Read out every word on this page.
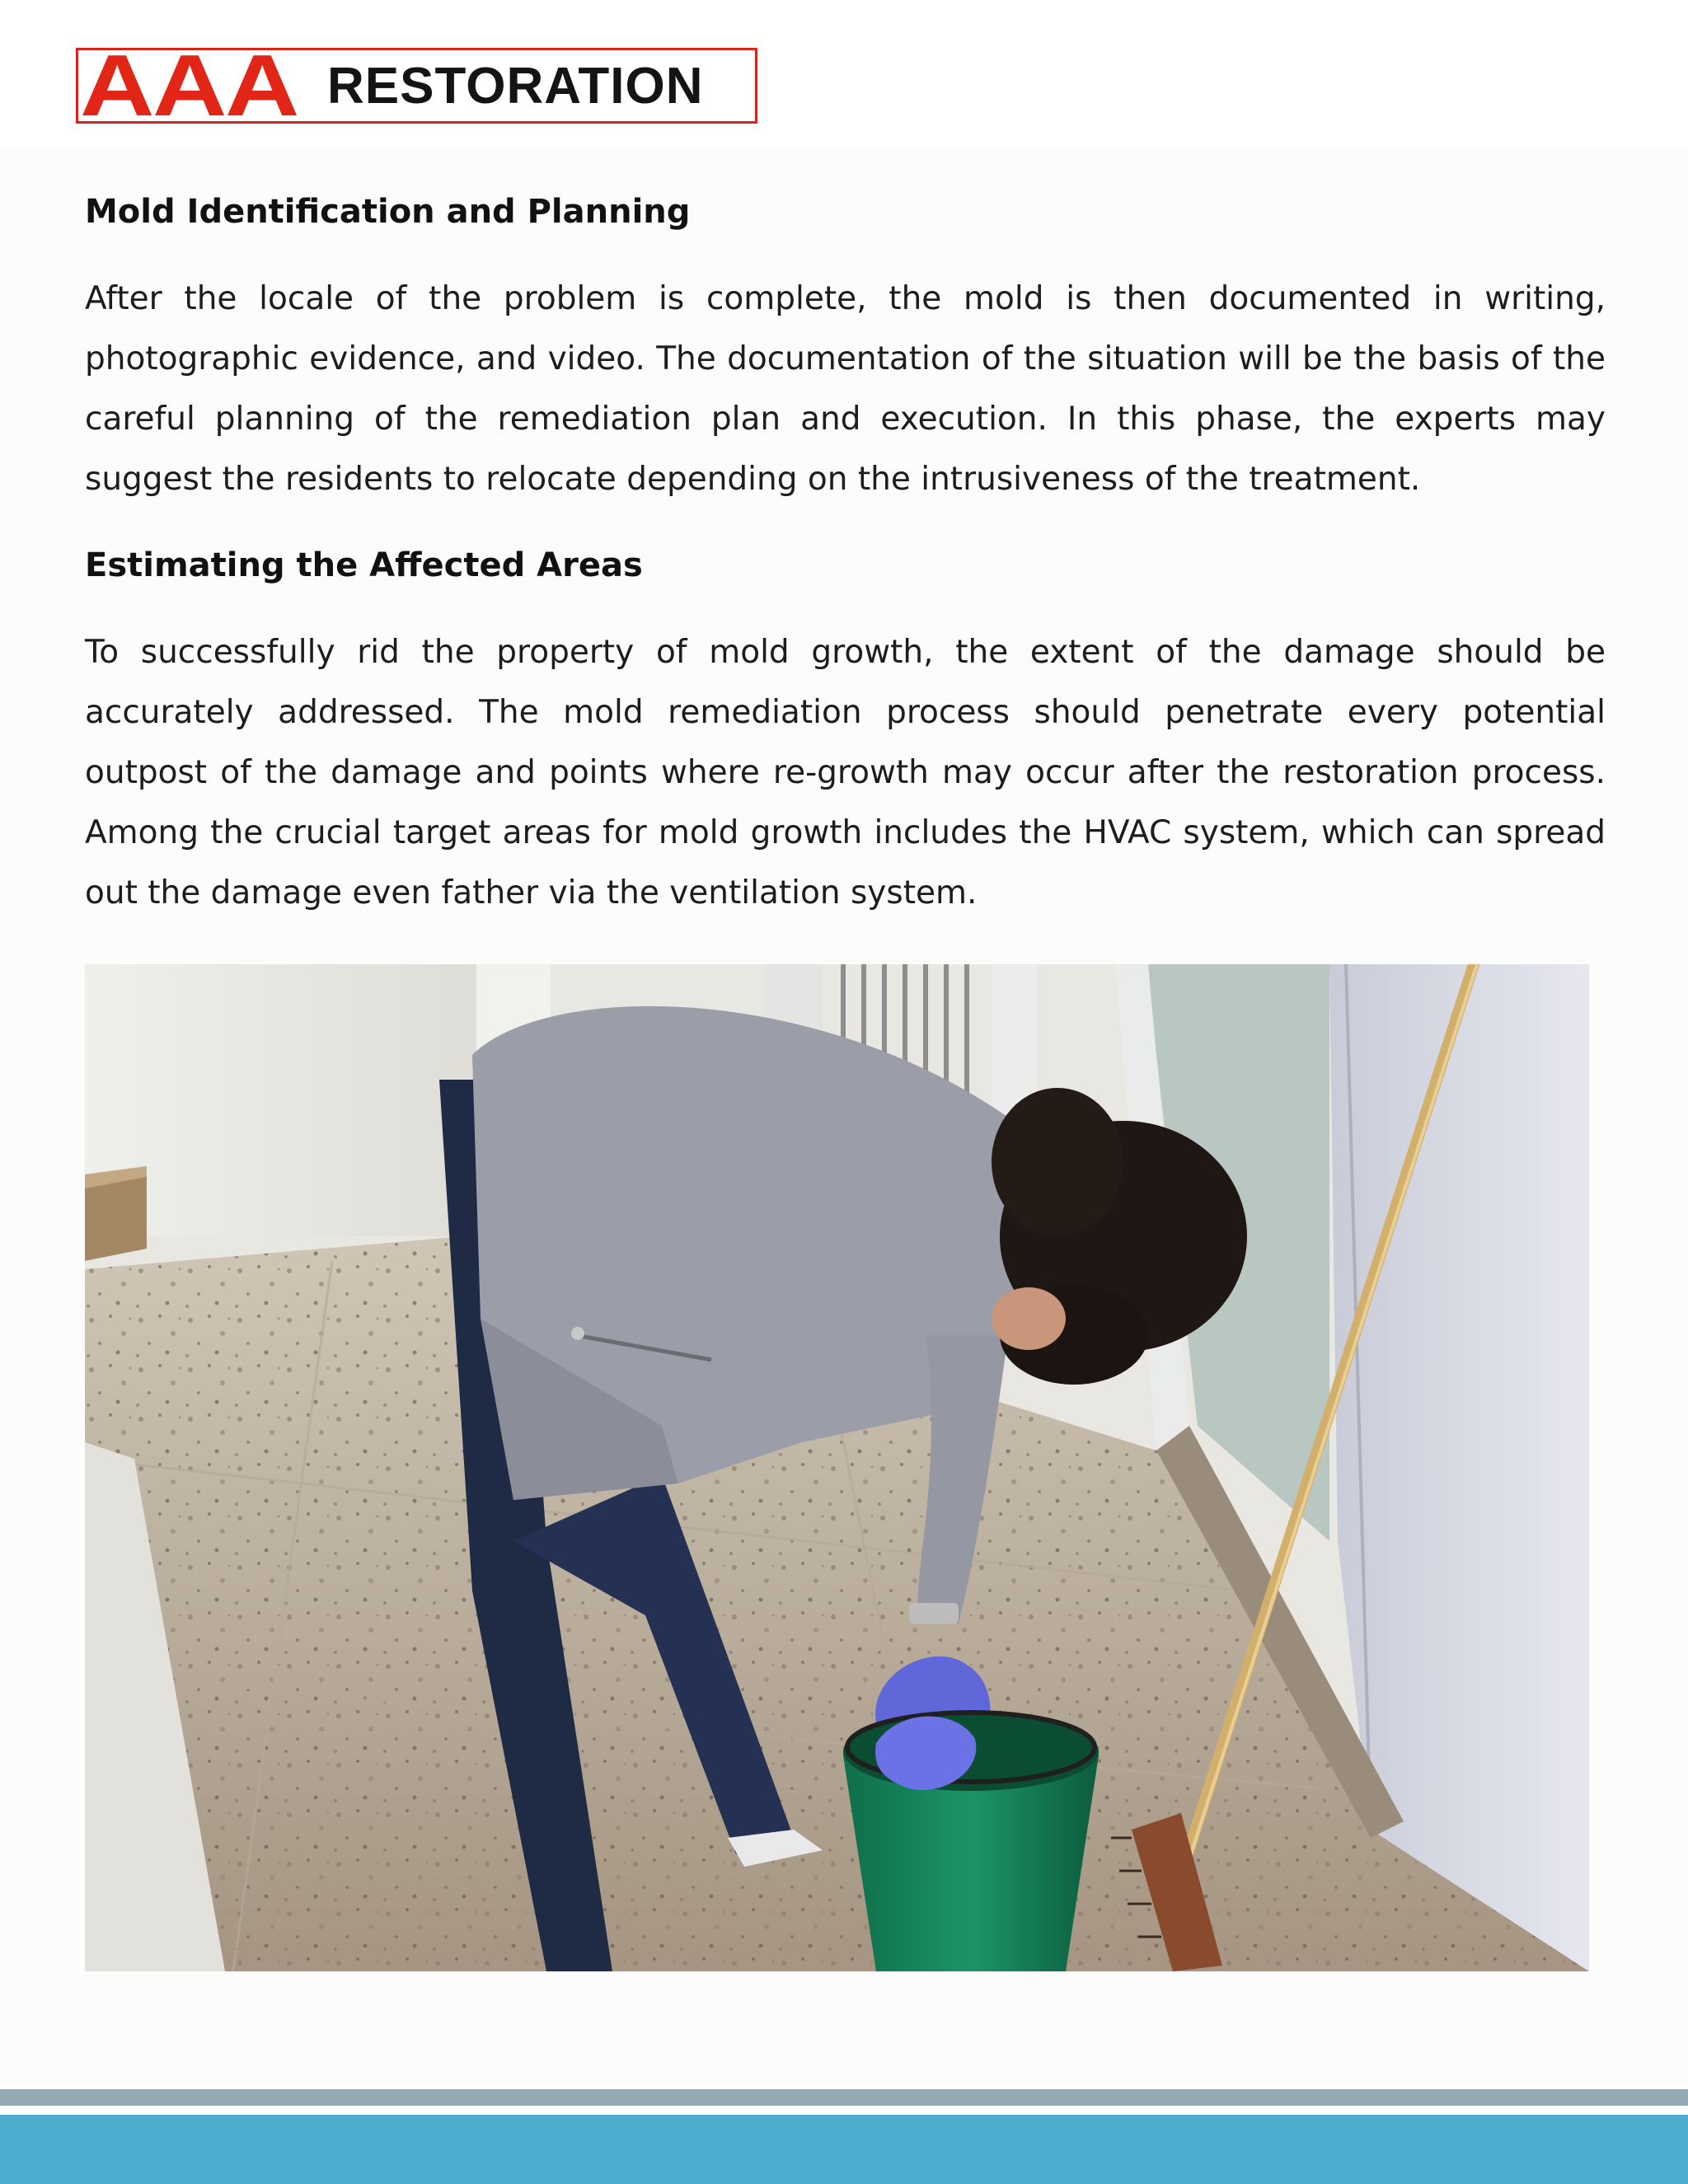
AAA RESTORATION
Mold Identification and Planning

After the locale of the problem is complete, the mold is then documented in writing, photographic evidence, and video. The documentation of the situation will be the basis of the careful planning of the remediation plan and execution. In this phase, the experts may suggest the residents to relocate depending on the intrusiveness of the treatment.

Estimating the Affected Areas

To successfully rid the property of mold growth, the extent of the damage should be accurately addressed. The mold remediation process should penetrate every potential outpost of the damage and points where re-growth may occur after the restoration process. Among the crucial target areas for mold growth includes the HVAC system, which can spread out the damage even father via the ventilation system.
